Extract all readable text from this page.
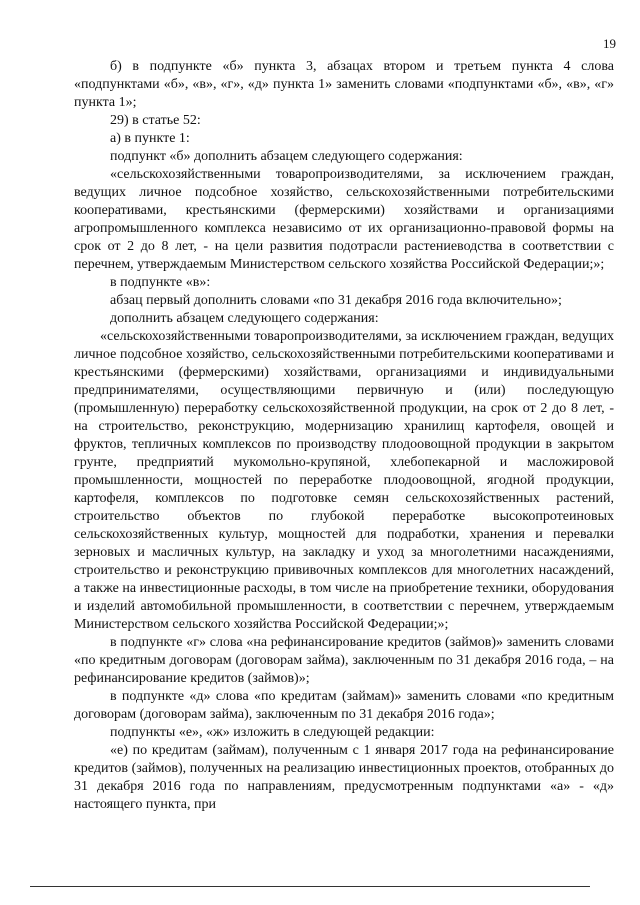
19

б) в подпункте «б» пункта 3, абзацах втором и третьем пункта 4 слова «подпунктами «б», «в», «г», «д» пункта 1» заменить словами «подпунктами «б», «в», «г» пункта 1»;

29) в статье 52:

а) в пункте 1:

подпункт «б» дополнить абзацем следующего содержания:

«сельскохозяйственными товаропроизводителями, за исключением граждан, ведущих личное подсобное хозяйство, сельскохозяйственными потребительскими кооперативами, крестьянскими (фермерскими) хозяйствами и организациями агропромышленного комплекса независимо от их организационно-правовой формы на срок от 2 до 8 лет, - на цели развития подотрасли растениеводства в соответствии с перечнем, утверждаемым Министерством сельского хозяйства Российской Федерации;»;

в подпункте «в»:

абзац первый дополнить словами «по 31 декабря 2016 года включительно»;

дополнить абзацем следующего содержания:

«сельскохозяйственными товаропроизводителями, за исключением граждан, ведущих личное подсобное хозяйство, сельскохозяйственными потребительскими кооперативами и крестьянскими (фермерскими) хозяйствами, организациями и индивидуальными предпринимателями, осуществляющими первичную и (или) последующую (промышленную) переработку сельскохозяйственной продукции, на срок от 2 до 8 лет, - на строительство, реконструкцию, модернизацию хранилищ картофеля, овощей и фруктов, тепличных комплексов по производству плодоовощной продукции в закрытом грунте, предприятий мукомольно-крупяной, хлебопекарной и масложировой промышленности, мощностей по переработке плодоовощной, ягодной продукции, картофеля, комплексов по подготовке семян сельскохозяйственных растений, строительство объектов по глубокой переработке высокопротеиновых сельскохозяйственных культур, мощностей для подработки, хранения и перевалки зерновых и масличных культур, на закладку и уход за многолетними насаждениями, строительство и реконструкцию прививочных комплексов для многолетних насаждений, а также на инвестиционные расходы, в том числе на приобретение техники, оборудования и изделий автомобильной промышленности, в соответствии с перечнем, утверждаемым Министерством сельского хозяйства Российской Федерации;»;

в подпункте «г» слова «на рефинансирование кредитов (займов)» заменить словами «по кредитным договорам (договорам займа), заключенным по 31 декабря 2016 года, – на рефинансирование кредитов (займов)»;

в подпункте «д» слова «по кредитам (займам)» заменить словами «по кредитным договорам (договорам займа), заключенным по 31 декабря 2016 года»;

подпункты «е», «ж» изложить в следующей редакции:

«е) по кредитам (займам), полученным с 1 января 2017 года на рефинансирование кредитов (займов), полученных на реализацию инвестиционных проектов, отобранных до 31 декабря 2016 года по направлениям, предусмотренным подпунктами «а» - «д» настоящего пункта, при
